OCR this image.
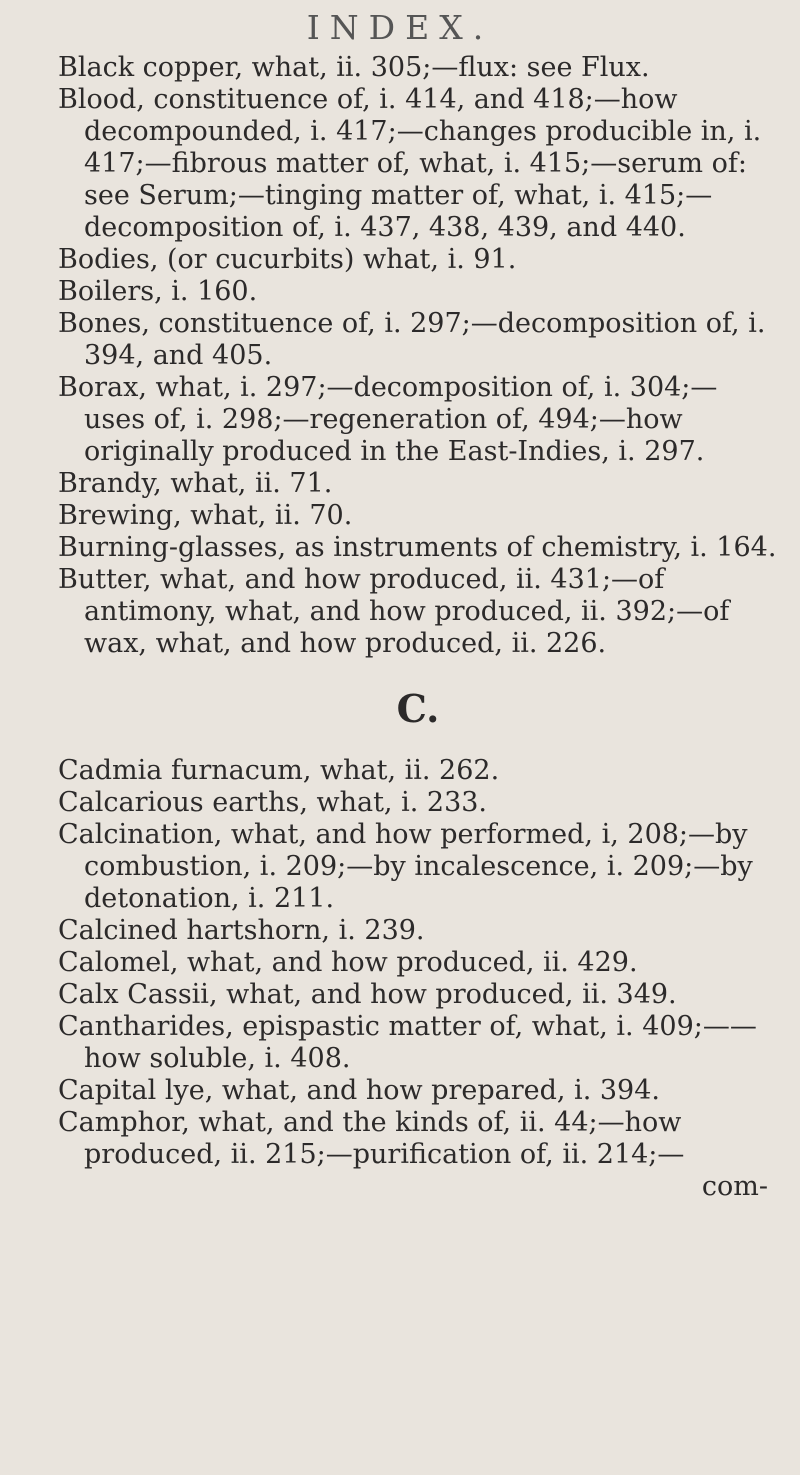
INDEX.

Black copper, what, ii. 305;—flux: see Flux.

Blood, constituence of, i. 414, and 418;—how decompounded, i. 417;—changes producible in, i. 417;—fibrous matter of, what, i. 415;—serum of: see Serum;—tinging matter of, what, i. 415;—decomposition of, i. 437, 438, 439, and 440.

Bodies, (or cucurbits) what, i. 91.

Boilers, i. 160.

Bones, constituence of, i. 297;—decomposition of, i. 394, and 405.

Borax, what, i. 297;—decomposition of, i. 304;—uses of, i. 298;—regeneration of, 494;—how originally produced in the East-Indies, i. 297.

Brandy, what, ii. 71.

Brewing, what, ii. 70.

Burning-glasses, as instruments of chemistry, i. 164.

Butter, what, and how produced, ii. 431;—of antimony, what, and how produced, ii. 392;—of wax, what, and how produced, ii. 226.

C.

Cadmia furnacum, what, ii. 262.

Calcarious earths, what, i. 233.

Calcination, what, and how performed, i, 208;—by combustion, i. 209;—by incalescence, i. 209;—by detonation, i. 211.

Calcined hartshorn, i. 239.

Calomel, what, and how produced, ii. 429.

Calx Cassii, what, and how produced, ii. 349.

Cantharides, epispastic matter of, what, i. 409;——how soluble, i. 408.

Capital lye, what, and how prepared, i. 394.

Camphor, what, and the kinds of, ii. 44;—how produced, ii. 215;—purification of, ii. 214;—

com-
